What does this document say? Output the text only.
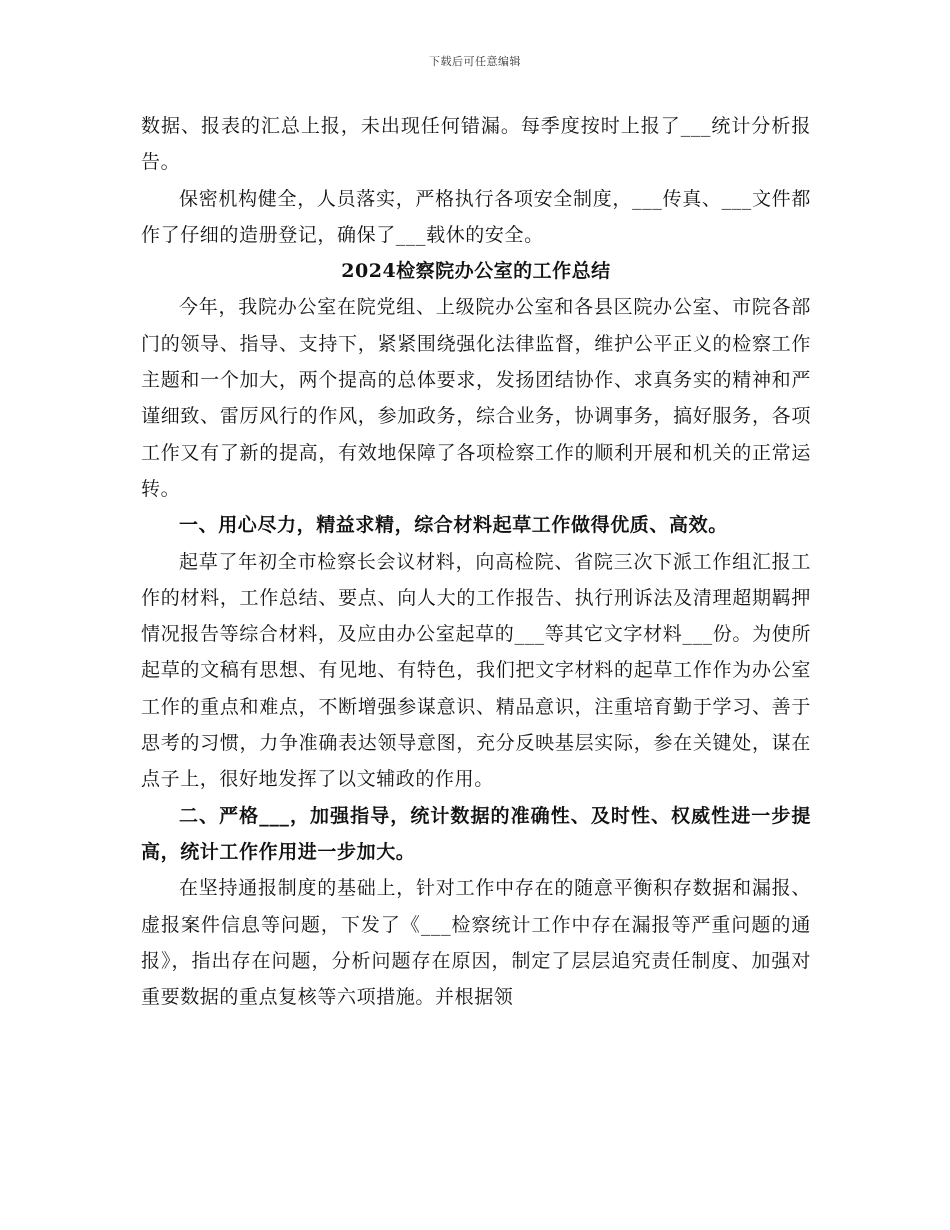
下载后可任意编辑

数据、报表的汇总上报，未出现任何错漏。每季度按时上报了___统计分析报告。

保密机构健全，人员落实，严格执行各项安全制度，___传真、___文件都作了仔细的造册登记，确保了___载休的安全。

2024检察院办公室的工作总结

今年，我院办公室在院党组、上级院办公室和各县区院办公室、市院各部门的领导、指导、支持下，紧紧围绕强化法律监督，维护公平正义的检察工作主题和一个加大，两个提高的总体要求，发扬团结协作、求真务实的精神和严谨细致、雷厉风行的作风，参加政务，综合业务，协调事务，搞好服务，各项工作又有了新的提高，有效地保障了各项检察工作的顺利开展和机关的正常运转。

一、用心尽力，精益求精，综合材料起草工作做得优质、高效。

起草了年初全市检察长会议材料，向高检院、省院三次下派工作组汇报工作的材料，工作总结、要点、向人大的工作报告、执行刑诉法及清理超期羁押情况报告等综合材料，及应由办公室起草的___等其它文字材料___份。为使所起草的文稿有思想、有见地、有特色，我们把文字材料的起草工作作为办公室工作的重点和难点，不断增强参谋意识、精品意识，注重培育勤于学习、善于思考的习惯，力争准确表达领导意图，充分反映基层实际，参在关键处，谋在点子上，很好地发挥了以文辅政的作用。

二、严格___，加强指导，统计数据的准确性、及时性、权威性进一步提高，统计工作作用进一步加大。

在坚持通报制度的基础上，针对工作中存在的随意平衡积存数据和漏报、虚报案件信息等问题，下发了《___检察统计工作中存在漏报等严重问题的通报》，指出存在问题，分析问题存在原因，制定了层层追究责任制度、加强对重要数据的重点复核等六项措施。并根据领
